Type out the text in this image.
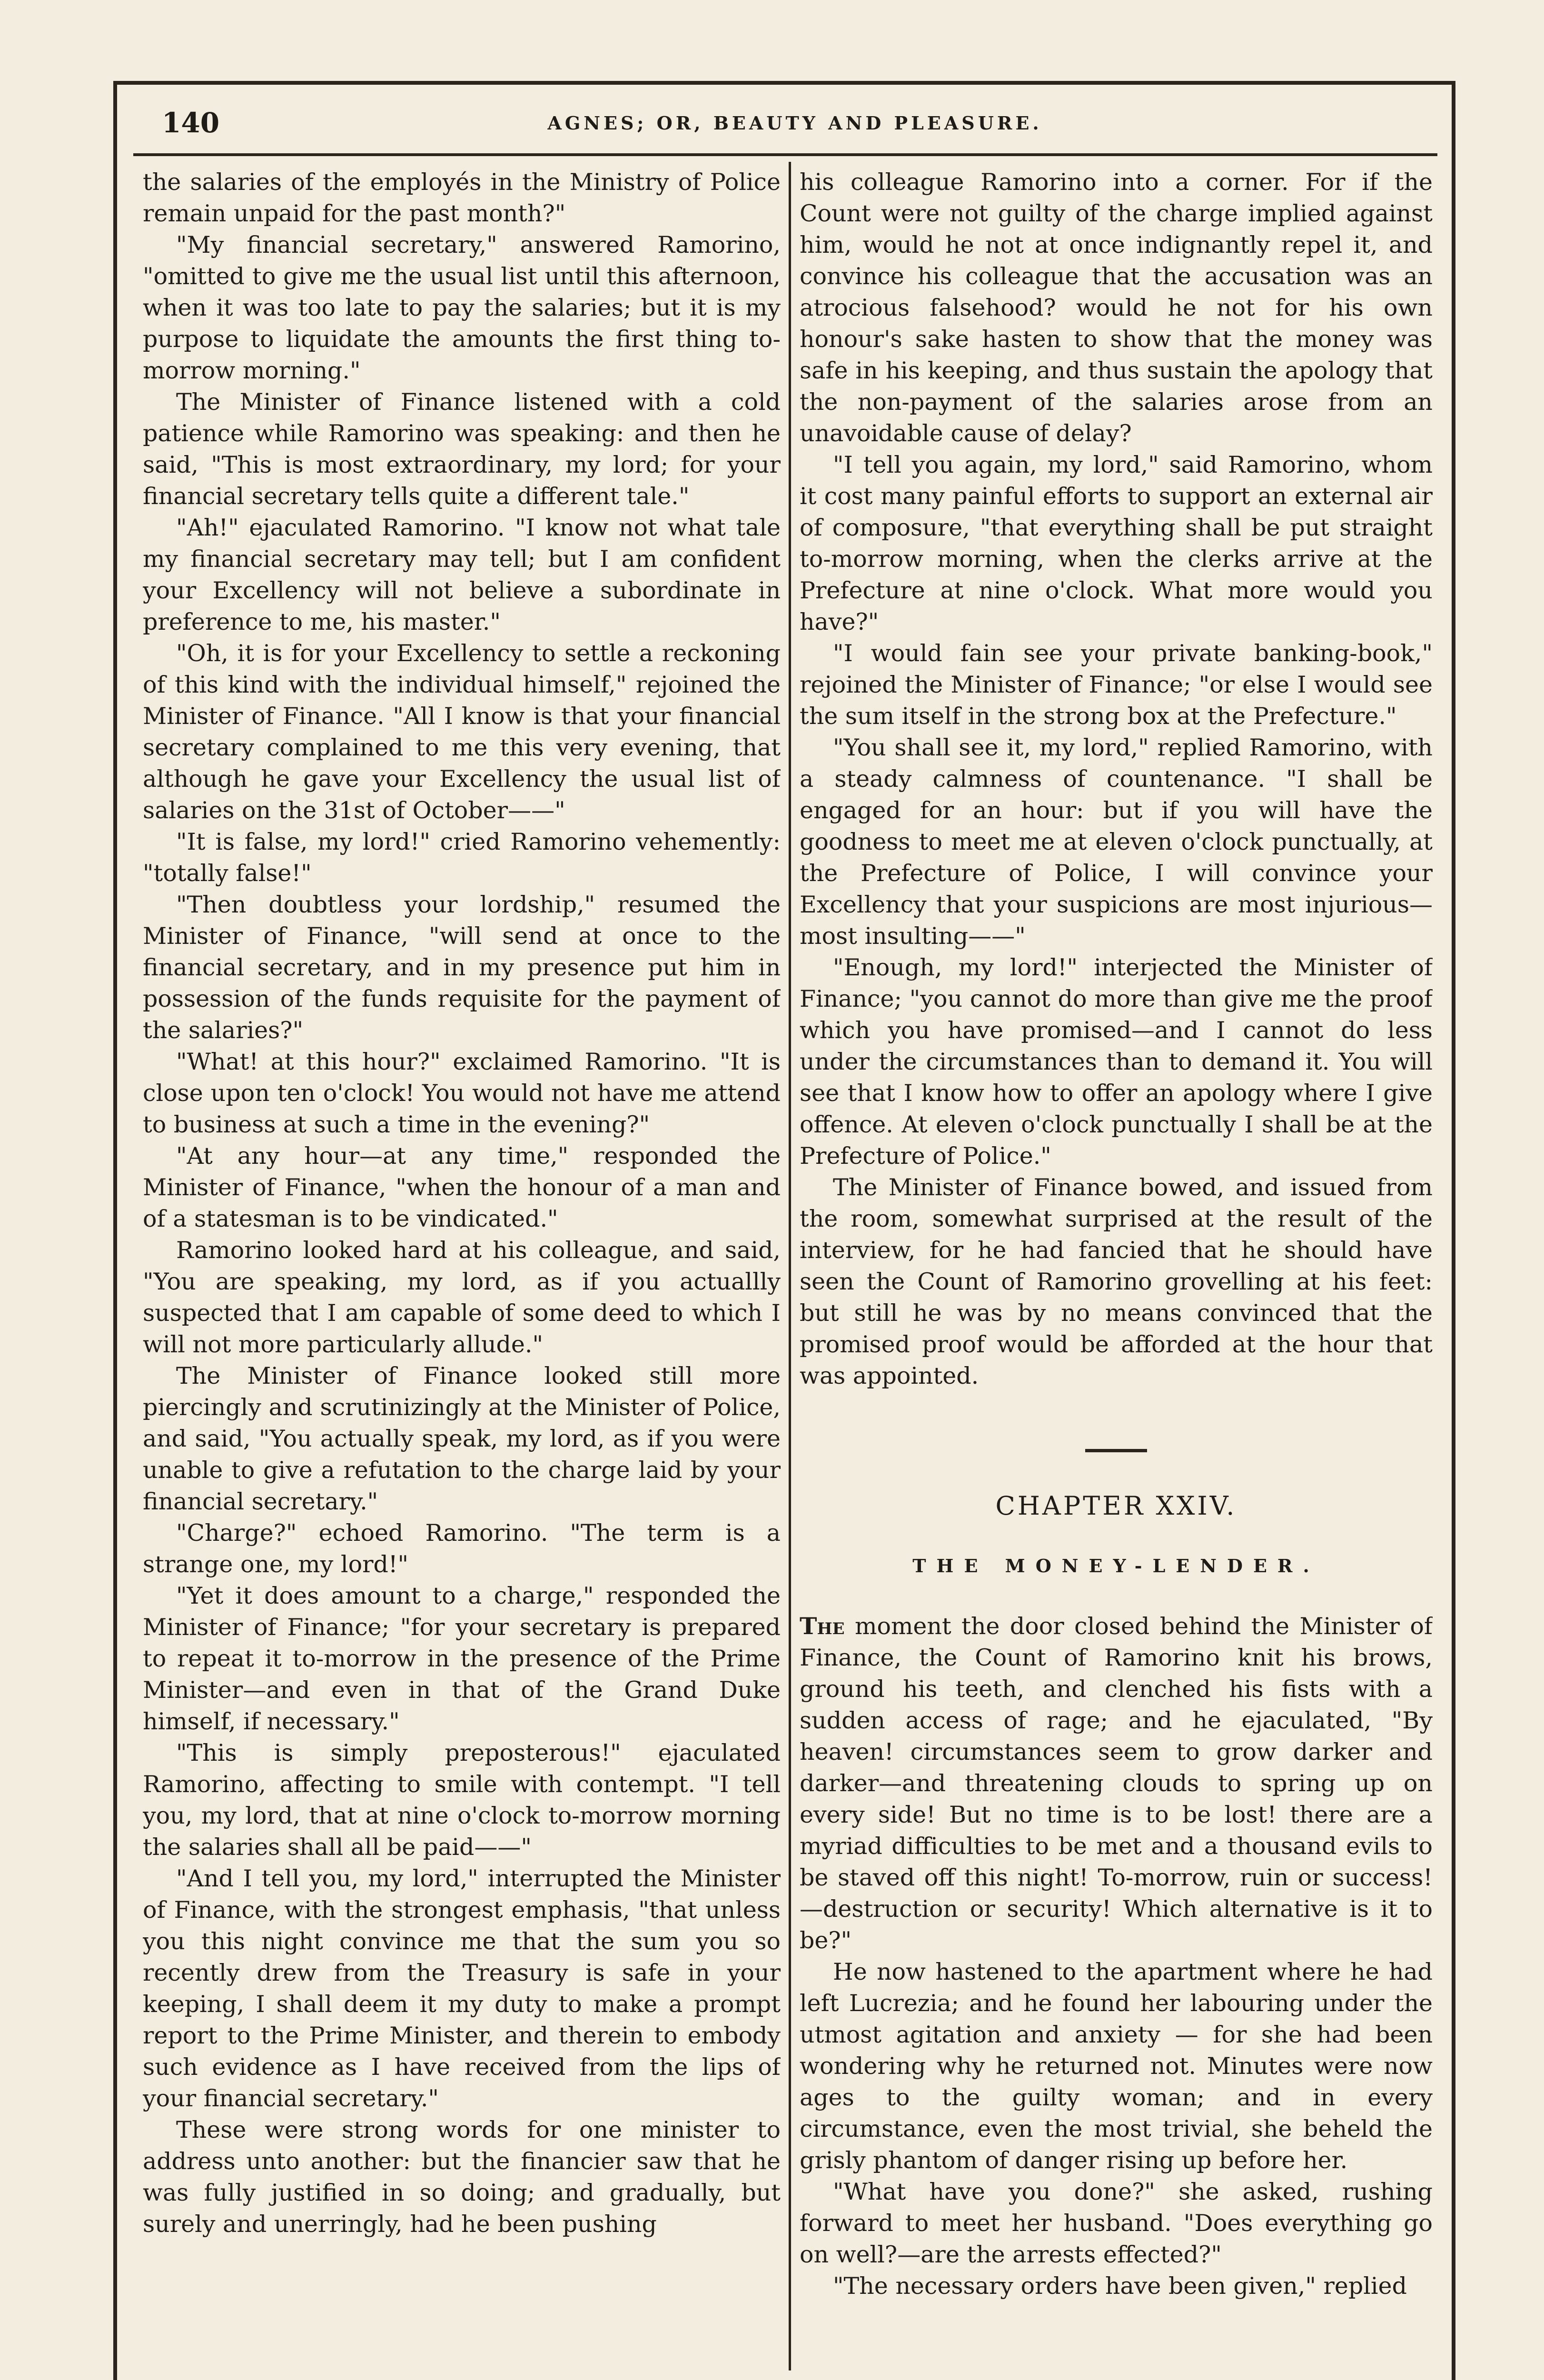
140	AGNES; OR, BEAUTY AND PLEASURE.

the salaries of the employés in the Ministry of Police remain unpaid for the past month?"

"My financial secretary," answered Ramorino, "omitted to give me the usual list until this afternoon, when it was too late to pay the salaries; but it is my purpose to liquidate the amounts the first thing to-morrow morning."

The Minister of Finance listened with a cold patience while Ramorino was speaking: and then he said, "This is most extraordinary, my lord; for your financial secretary tells quite a different tale."

"Ah!" ejaculated Ramorino. "I know not what tale my financial secretary may tell; but I am confident your Excellency will not believe a subordinate in preference to me, his master."

"Oh, it is for your Excellency to settle a reckoning of this kind with the individual himself," rejoined the Minister of Finance. "All I know is that your financial secretary complained to me this very evening, that although he gave your Excellency the usual list of salaries on the 31st of October——"

"It is false, my lord!" cried Ramorino vehemently: "totally false!"

"Then doubtless your lordship," resumed the Minister of Finance, "will send at once to the financial secretary, and in my presence put him in possession of the funds requisite for the payment of the salaries?"

"What! at this hour?" exclaimed Ramorino. "It is close upon ten o'clock! You would not have me attend to business at such a time in the evening?"

"At any hour—at any time," responded the Minister of Finance, "when the honour of a man and of a statesman is to be vindicated."

Ramorino looked hard at his colleague, and said, "You are speaking, my lord, as if you actuallly suspected that I am capable of some deed to which I will not more particularly allude."

The Minister of Finance looked still more piercingly and scrutinizingly at the Minister of Police, and said, "You actually speak, my lord, as if you were unable to give a refutation to the charge laid by your financial secretary."

"Charge?" echoed Ramorino. "The term is a strange one, my lord!"

"Yet it does amount to a charge," responded the Minister of Finance; "for your secretary is prepared to repeat it to-morrow in the presence of the Prime Minister—and even in that of the Grand Duke himself, if necessary."

"This is simply preposterous!" ejaculated Ramorino, affecting to smile with contempt. "I tell you, my lord, that at nine o'clock to-morrow morning the salaries shall all be paid——"

"And I tell you, my lord," interrupted the Minister of Finance, with the strongest emphasis, "that unless you this night convince me that the sum you so recently drew from the Treasury is safe in your keeping, I shall deem it my duty to make a prompt report to the Prime Minister, and therein to embody such evidence as I have received from the lips of your financial secretary."

These were strong words for one minister to address unto another: but the financier saw that he was fully justified in so doing; and gradually, but surely and unerringly, had he been pushing

his colleague Ramorino into a corner. For if the Count were not guilty of the charge implied against him, would he not at once indignantly repel it, and convince his colleague that the accusation was an atrocious falsehood? would he not for his own honour's sake hasten to show that the money was safe in his keeping, and thus sustain the apology that the non-payment of the salaries arose from an unavoidable cause of delay?

"I tell you again, my lord," said Ramorino, whom it cost many painful efforts to support an external air of composure, "that everything shall be put straight to-morrow morning, when the clerks arrive at the Prefecture at nine o'clock. What more would you have?"

"I would fain see your private banking-book," rejoined the Minister of Finance; "or else I would see the sum itself in the strong box at the Prefecture."

"You shall see it, my lord," replied Ramorino, with a steady calmness of countenance. "I shall be engaged for an hour: but if you will have the goodness to meet me at eleven o'clock punctually, at the Prefecture of Police, I will convince your Excellency that your suspicions are most injurious—most insulting——"

"Enough, my lord!" interjected the Minister of Finance; "you cannot do more than give me the proof which you have promised—and I cannot do less under the circumstances than to demand it. You will see that I know how to offer an apology where I give offence. At eleven o'clock punctually I shall be at the Prefecture of Police."

The Minister of Finance bowed, and issued from the room, somewhat surprised at the result of the interview, for he had fancied that he should have seen the Count of Ramorino grovelling at his feet: but still he was by no means convinced that the promised proof would be afforded at the hour that was appointed.

CHAPTER XXIV.
THE MONEY-LENDER.

The moment the door closed behind the Minister of Finance, the Count of Ramorino knit his brows, ground his teeth, and clenched his fists with a sudden access of rage; and he ejaculated, "By heaven! circumstances seem to grow darker and darker—and threatening clouds to spring up on every side! But no time is to be lost! there are a myriad difficulties to be met and a thousand evils to be staved off this night! To-morrow, ruin or success!—destruction or security! Which alternative is it to be?"

He now hastened to the apartment where he had left Lucrezia; and he found her labouring under the utmost agitation and anxiety — for she had been wondering why he returned not. Minutes were now ages to the guilty woman; and in every circumstance, even the most trivial, she beheld the grisly phantom of danger rising up before her.

"What have you done?" she asked, rushing forward to meet her husband. "Does everything go on well?—are the arrests effected?"

"The necessary orders have been given," replied
